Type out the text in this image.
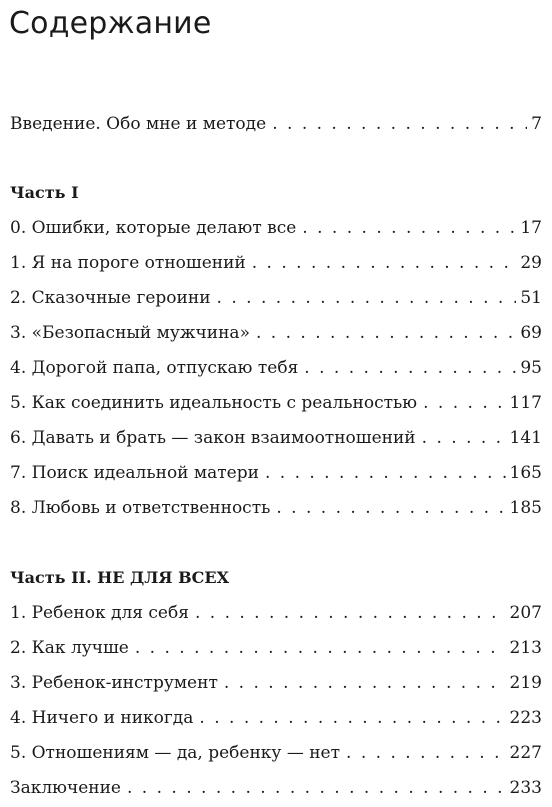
Содержание
Введение. Обо мне и методе . . .	7
Часть I
0. Ошибки, которые делают все . . .	17
1. Я на пороге отношений . . .	29
2. Сказочные героини . . .	51
3. «Безопасный мужчина» . . .	69
4. Дорогой папа, отпускаю тебя . . .	95
5. Как соединить идеальность с реальностью . . .	117
6. Давать и брать — закон взаимоотношений . . .	141
7. Поиск идеальной матери . . .	165
8. Любовь и ответственность . . .	185
Часть II. НЕ ДЛЯ ВСЕХ
1. Ребенок для себя . . .	207
2. Как лучше . . .	213
3. Ребенок-инструмент . . .	219
4. Ничего и никогда . . .	223
5. Отношениям — да, ребенку — нет . . .	227
Заключение . . .	233
